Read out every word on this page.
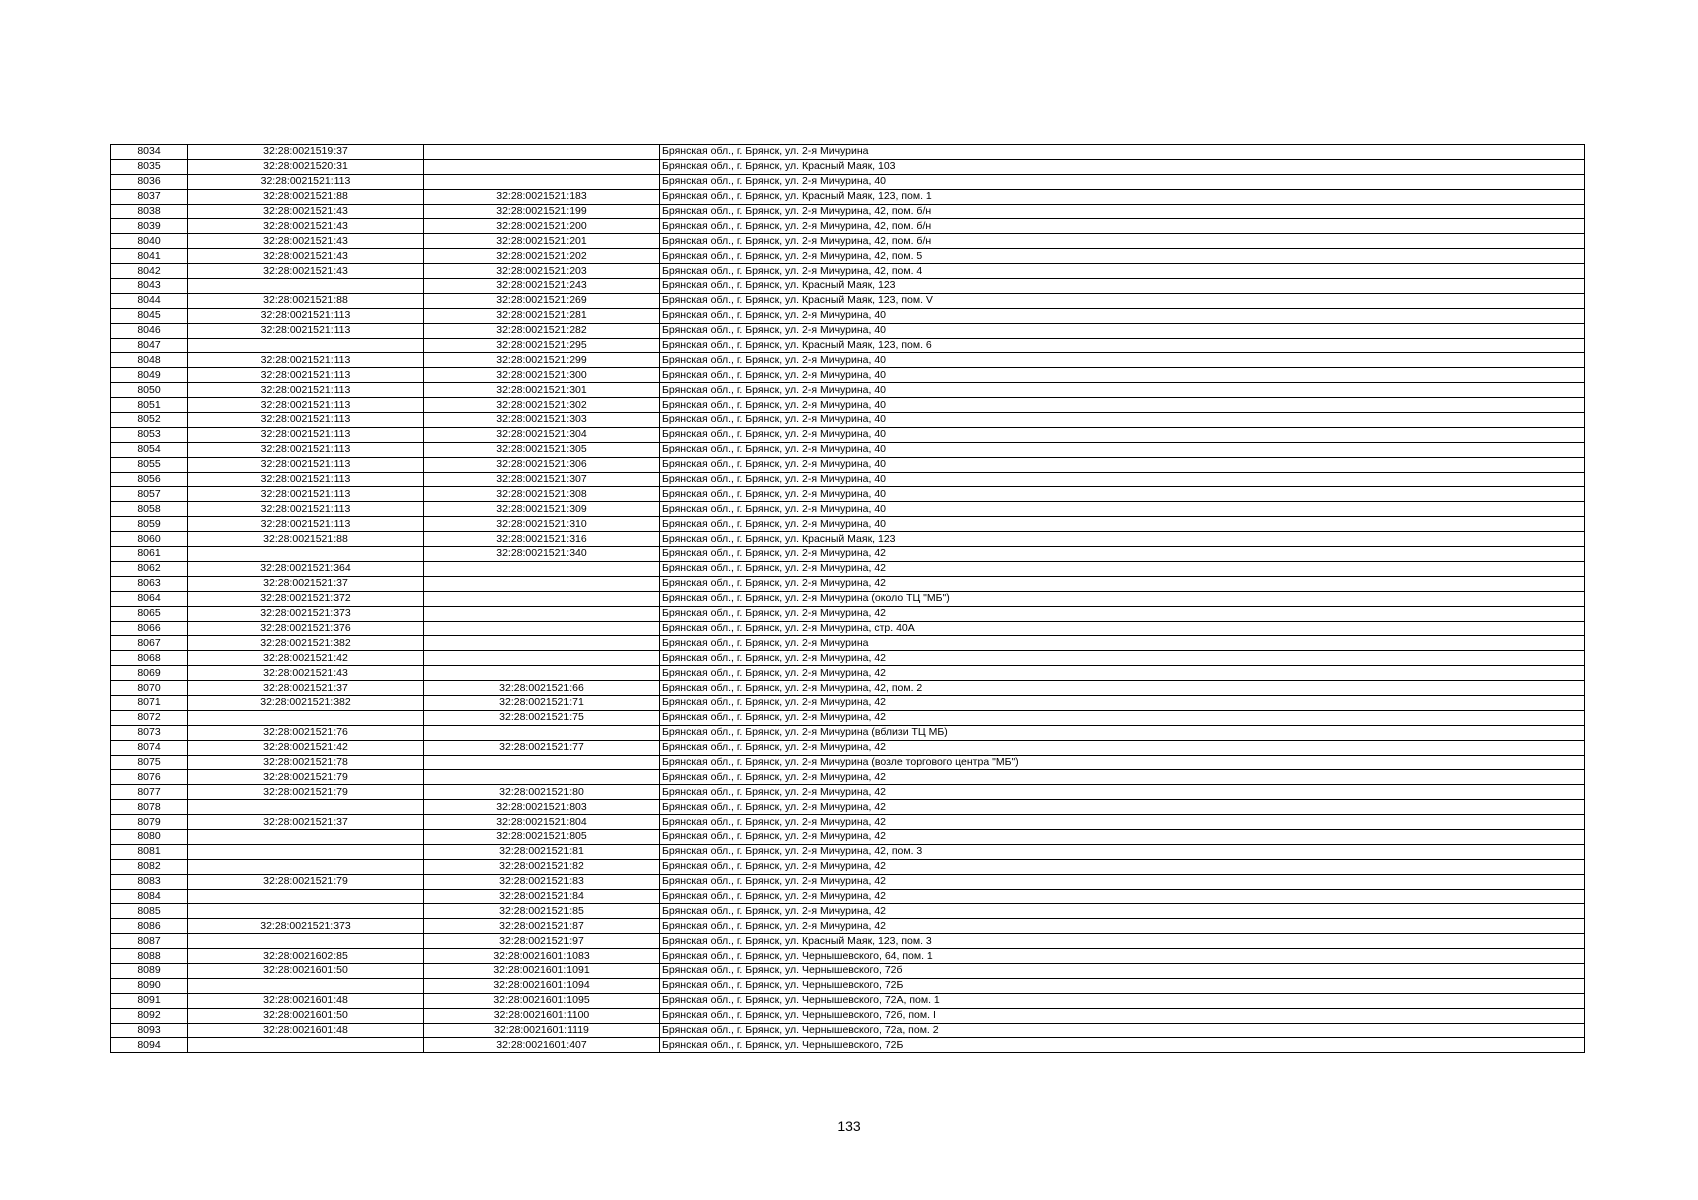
8034	32:28:0021519:37		Брянская обл., г. Брянск, ул. 2-я Мичурина
8035	32:28:0021520:31		Брянская обл., г. Брянск, ул. Красный Маяк, 103
8036	32:28:0021521:113		Брянская обл., г. Брянск, ул. 2-я Мичурина, 40
8037	32:28:0021521:88	32:28:0021521:183	Брянская обл., г. Брянск, ул. Красный Маяк, 123, пом. 1
8038	32:28:0021521:43	32:28:0021521:199	Брянская обл., г. Брянск, ул. 2-я Мичурина, 42, пом. б/н
8039	32:28:0021521:43	32:28:0021521:200	Брянская обл., г. Брянск, ул. 2-я Мичурина, 42, пом. б/н
8040	32:28:0021521:43	32:28:0021521:201	Брянская обл., г. Брянск, ул. 2-я Мичурина, 42, пом. б/н
8041	32:28:0021521:43	32:28:0021521:202	Брянская обл., г. Брянск, ул. 2-я Мичурина, 42, пом. 5
8042	32:28:0021521:43	32:28:0021521:203	Брянская обл., г. Брянск, ул. 2-я Мичурина, 42, пом. 4
8043		32:28:0021521:243	Брянская обл., г. Брянск, ул. Красный Маяк, 123
8044	32:28:0021521:88	32:28:0021521:269	Брянская обл., г. Брянск, ул. Красный Маяк, 123, пом. V
8045	32:28:0021521:113	32:28:0021521:281	Брянская обл., г. Брянск, ул. 2-я Мичурина, 40
8046	32:28:0021521:113	32:28:0021521:282	Брянская обл., г. Брянск, ул. 2-я Мичурина, 40
8047		32:28:0021521:295	Брянская обл., г. Брянск, ул. Красный Маяк, 123, пом. 6
8048	32:28:0021521:113	32:28:0021521:299	Брянская обл., г. Брянск, ул. 2-я Мичурина, 40
8049	32:28:0021521:113	32:28:0021521:300	Брянская обл., г. Брянск, ул. 2-я Мичурина, 40
8050	32:28:0021521:113	32:28:0021521:301	Брянская обл., г. Брянск, ул. 2-я Мичурина, 40
8051	32:28:0021521:113	32:28:0021521:302	Брянская обл., г. Брянск, ул. 2-я Мичурина, 40
8052	32:28:0021521:113	32:28:0021521:303	Брянская обл., г. Брянск, ул. 2-я Мичурина, 40
8053	32:28:0021521:113	32:28:0021521:304	Брянская обл., г. Брянск, ул. 2-я Мичурина, 40
8054	32:28:0021521:113	32:28:0021521:305	Брянская обл., г. Брянск, ул. 2-я Мичурина, 40
8055	32:28:0021521:113	32:28:0021521:306	Брянская обл., г. Брянск, ул. 2-я Мичурина, 40
8056	32:28:0021521:113	32:28:0021521:307	Брянская обл., г. Брянск, ул. 2-я Мичурина, 40
8057	32:28:0021521:113	32:28:0021521:308	Брянская обл., г. Брянск, ул. 2-я Мичурина, 40
8058	32:28:0021521:113	32:28:0021521:309	Брянская обл., г. Брянск, ул. 2-я Мичурина, 40
8059	32:28:0021521:113	32:28:0021521:310	Брянская обл., г. Брянск, ул. 2-я Мичурина, 40
8060	32:28:0021521:88	32:28:0021521:316	Брянская обл., г. Брянск, ул. Красный Маяк, 123
8061		32:28:0021521:340	Брянская обл., г. Брянск, ул. 2-я Мичурина, 42
8062	32:28:0021521:364		Брянская обл., г. Брянск, ул. 2-я Мичурина, 42
8063	32:28:0021521:37		Брянская обл., г. Брянск, ул. 2-я Мичурина, 42
8064	32:28:0021521:372		Брянская обл., г. Брянск, ул. 2-я Мичурина (около ТЦ "МБ")
8065	32:28:0021521:373		Брянская обл., г. Брянск, ул. 2-я Мичурина, 42
8066	32:28:0021521:376		Брянская обл., г. Брянск, ул. 2-я Мичурина, стр. 40А
8067	32:28:0021521:382		Брянская обл., г. Брянск, ул. 2-я Мичурина
8068	32:28:0021521:42		Брянская обл., г. Брянск, ул. 2-я Мичурина, 42
8069	32:28:0021521:43		Брянская обл., г. Брянск, ул. 2-я Мичурина, 42
8070	32:28:0021521:37	32:28:0021521:66	Брянская обл., г. Брянск, ул. 2-я Мичурина, 42, пом. 2
8071	32:28:0021521:382	32:28:0021521:71	Брянская обл., г. Брянск, ул. 2-я Мичурина, 42
8072		32:28:0021521:75	Брянская обл., г. Брянск, ул. 2-я Мичурина, 42
8073	32:28:0021521:76		Брянская обл., г. Брянск, ул. 2-я Мичурина (вблизи ТЦ МБ)
8074	32:28:0021521:42	32:28:0021521:77	Брянская обл., г. Брянск, ул. 2-я Мичурина, 42
8075	32:28:0021521:78		Брянская обл., г. Брянск, ул. 2-я Мичурина (возле торгового центра "МБ")
8076	32:28:0021521:79		Брянская обл., г. Брянск, ул. 2-я Мичурина, 42
8077	32:28:0021521:79	32:28:0021521:80	Брянская обл., г. Брянск, ул. 2-я Мичурина, 42
8078		32:28:0021521:803	Брянская обл., г. Брянск, ул. 2-я Мичурина, 42
8079	32:28:0021521:37	32:28:0021521:804	Брянская обл., г. Брянск, ул. 2-я Мичурина, 42
8080		32:28:0021521:805	Брянская обл., г. Брянск, ул. 2-я Мичурина, 42
8081		32:28:0021521:81	Брянская обл., г. Брянск, ул. 2-я Мичурина, 42, пом. 3
8082		32:28:0021521:82	Брянская обл., г. Брянск, ул. 2-я Мичурина, 42
8083	32:28:0021521:79	32:28:0021521:83	Брянская обл., г. Брянск, ул. 2-я Мичурина, 42
8084		32:28:0021521:84	Брянская обл., г. Брянск, ул. 2-я Мичурина, 42
8085		32:28:0021521:85	Брянская обл., г. Брянск, ул. 2-я Мичурина, 42
8086	32:28:0021521:373	32:28:0021521:87	Брянская обл., г. Брянск, ул. 2-я Мичурина, 42
8087		32:28:0021521:97	Брянская обл., г. Брянск, ул. Красный Маяк, 123, пом. 3
8088	32:28:0021602:85	32:28:0021601:1083	Брянская обл., г. Брянск, ул. Чернышевского, 64, пом. 1
8089	32:28:0021601:50	32:28:0021601:1091	Брянская обл., г. Брянск, ул. Чернышевского, 72б
8090		32:28:0021601:1094	Брянская обл., г. Брянск, ул. Чернышевского, 72Б
8091	32:28:0021601:48	32:28:0021601:1095	Брянская обл., г. Брянск, ул. Чернышевского, 72А, пом. 1
8092	32:28:0021601:50	32:28:0021601:1100	Брянская обл., г. Брянск, ул. Чернышевского, 72б, пом. I
8093	32:28:0021601:48	32:28:0021601:1119	Брянская обл., г. Брянск, ул. Чернышевского, 72а, пом. 2
8094		32:28:0021601:407	Брянская обл., г. Брянск, ул. Чернышевского, 72Б
133
